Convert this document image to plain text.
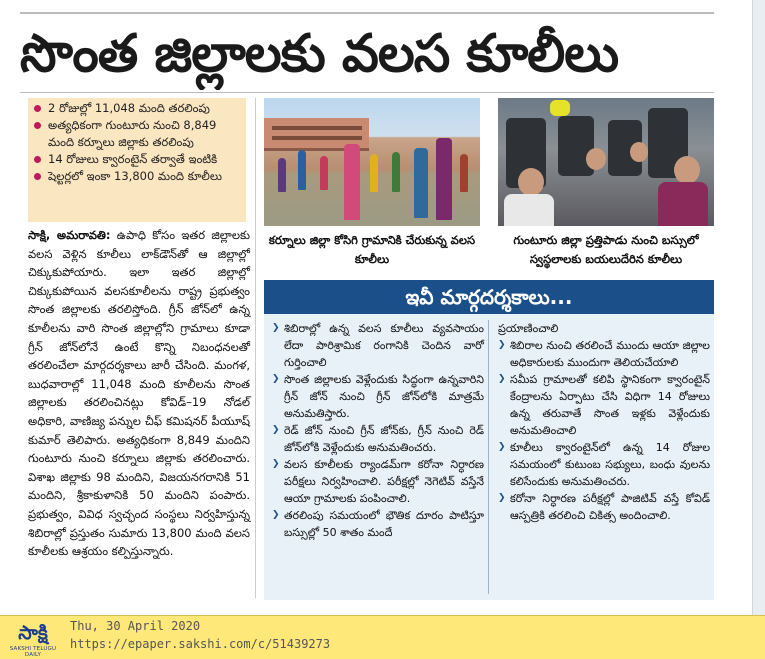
సొంత జిల్లాలకు వలస కూలీలు
2 రోజుల్లో 11,048 మంది తరలింపు
అత్యధికంగా గుంటూరు నుంచి 8,849 మంది కర్నూలు జిల్లాకు తరలింపు
14 రోజులు క్వారంటైన్ తర్వాతే ఇంటికి
షెల్టర్లలో ఇంకా 13,800 మంది కూలీలు
సాక్షి, అమరావతి: ఉపాధి కోసం ఇతర జిల్లాలకు వలస వెళ్లిన కూలీలు లాక్‌డౌన్‌తో ఆ జిల్లాల్లో చిక్కుకుపోయారు. ఇలా ఇతర జిల్లాల్లో చిక్కుకుపోయిన వలసకూలీలను రాష్ట్ర ప్రభుత్వం సొంత జిల్లాలకు తరలిస్తోంది. గ్రీన్ జోన్‌లో ఉన్న కూలీలను వారి సొంత జిల్లాల్లోని గ్రామాలు కూడా గ్రీన్ జోన్‌లోనే ఉంటే కొన్ని నిబంధనలతో తరలించేలా మార్గదర్శకాలు జారీ చేసింది. మంగళ, బుధవారాల్లో 11,048 మంది కూలీలను సొంత జిల్లాలకు తరలించినట్లు కోవిడ్–19 నోడల్ అధికారి, వాణిజ్య పన్నుల చీఫ్ కమిషనర్ పీయూష్ కుమార్ తెలిపారు. అత్యధికంగా 8,849 మందిని గుంటూరు నుంచి కర్నూలు జిల్లాకు తరలించారు. విశాఖ జిల్లాకు 98 మందిని, విజయనగరానికి 51 మందిని, శ్రీకాకుళానికి 50 మందిని పంపారు. ప్రభుత్వం, వివిధ స్వచ్ఛంద సంస్థలు నిర్వహిస్తున్న శిబిరాల్లో ప్రస్తుతం సుమారు 13,800 మంది వలస కూలీలకు ఆశ్రయం కల్పిస్తున్నారు.
కర్నూలు జిల్లా కోసిగి గ్రామానికి చేరుకున్న వలస కూలీలు
గుంటూరు జిల్లా ప్రత్తిపాడు నుంచి బస్సులో స్వస్థలాలకు బయలుదేరిన కూలీలు
ఇవీ మార్గదర్శకాలు...
❯ శిబిరాల్లో ఉన్న వలస కూలీలు వ్యవసాయం లేదా పారిశ్రామిక రంగానికి చెందిన వారో గుర్తించాలి
❯ సొంత జిల్లాలకు వెళ్లేందుకు సిద్ధంగా ఉన్నవారిని గ్రీన్ జోన్ నుంచి గ్రీన్ జోన్‌లోకి మాత్రమే అనుమతిస్తారు.
❯ రెడ్ జోన్ నుంచి గ్రీన్ జోన్‌కు, గ్రీన్ నుంచి రెడ్ జోన్‌లోకి వెళ్లేందుకు అనుమతించరు.
❯ వలస కూలీలకు ర్యాండమ్‌గా కరోనా నిర్ధారణ పరీక్షలు నిర్వహించాలి. పరీక్షల్లో నెగెటివ్ వస్తేనే ఆయా గ్రామాలకు పంపించాలి.
❯ తరలింపు సమయంలో భౌతిక దూరం పాటిస్తూ బస్సుల్లో 50 శాతం మందే
ప్రయాణించాలి
❯ శిబిరాల నుంచి తరలించే ముందు ఆయా జిల్లాల అధికారులకు ముందుగా తెలియచేయాలి
❯ సమీప గ్రామాలతో కలిపి స్థానికంగా క్వారంటైన్ కేంద్రాలను ఏర్పాటు చేసి విధిగా 14 రోజులు ఉన్న తరువాతే సొంత ఇళ్లకు వెళ్లేందుకు అనుమతించాలి
❯ కూలీలు క్వారంటైన్‌లో ఉన్న 14 రోజుల సమయంలో కుటుంబ సభ్యులు, బంధు వులను కలిసేందుకు అనుమతించరు.
❯ కరోనా నిర్ధారణ పరీక్షల్లో పాజిటివ్ వస్తే కోవిడ్ ఆస్పత్రికి తరలించి చికిత్స అందించాలి.
సాక్షి
SAKSHI TELUGU DAILY
Thu, 30 April 2020
https://epaper.sakshi.com/c/51439273
